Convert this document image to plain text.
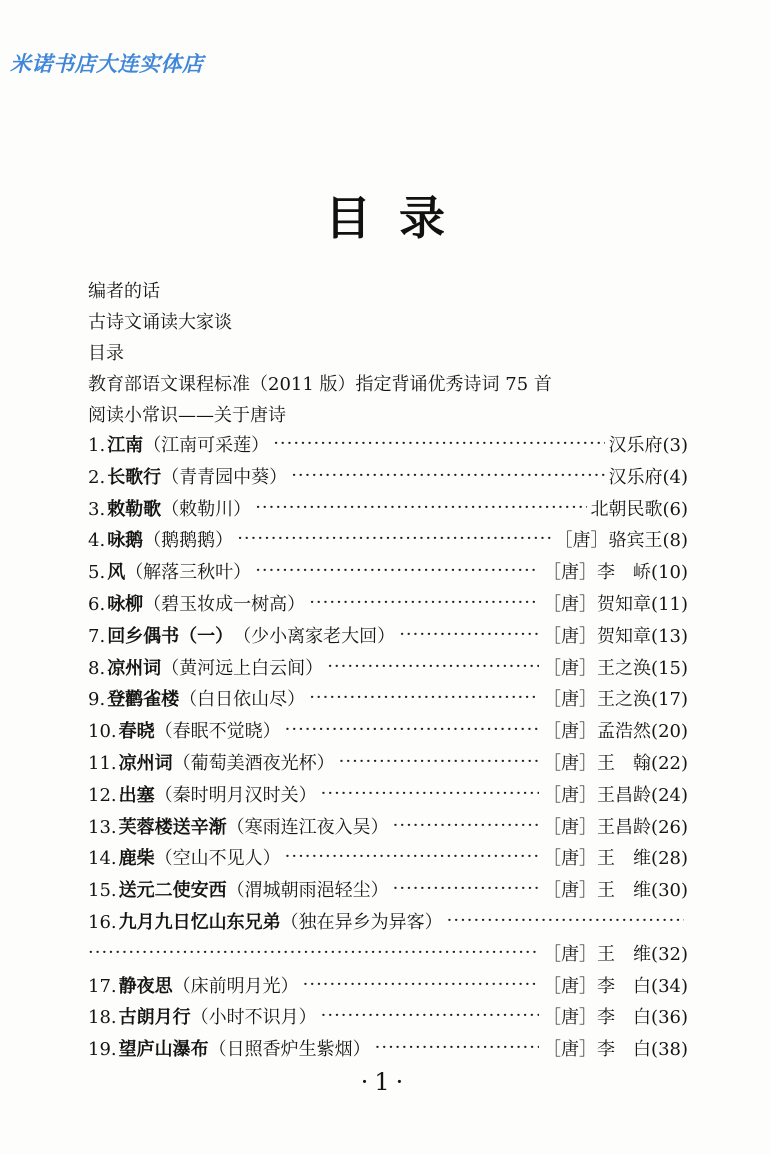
米诺书店大连实体店
目录
编者的话
古诗文诵读大家谈
目录
教育部语文课程标准（2011 版）指定背诵优秀诗词 75 首
阅读小常识——关于唐诗
1. 江南 （江南可采莲） ·····	汉乐府 (3)
2. 长歌行 （青青园中葵） ·····	汉乐府 (4)
3. 敕勒歌 （敕勒川） ·····	北朝民歌 (6)
4. 咏鹅 （鹅鹅鹅） ·····	［唐］骆宾王 (8)
5. 风 （解落三秋叶） ·····	［唐］李　峤 (10)
6. 咏柳 （碧玉妆成一树高） ·····	［唐］贺知章 (11)
7. 回乡偶书（一） （少小离家老大回） ·····	［唐］贺知章 (13)
8. 凉州词 （黄河远上白云间） ·····	［唐］王之涣 (15)
9. 登鹳雀楼 （白日依山尽） ·····	［唐］王之涣 (17)
10. 春晓 （春眠不觉晓） ·····	［唐］孟浩然 (20)
11. 凉州词 （葡萄美酒夜光杯） ·····	［唐］王　翰 (22)
12. 出塞 （秦时明月汉时关） ·····	［唐］王昌龄 (24)
13. 芙蓉楼送辛渐 （寒雨连江夜入吴） ·····	［唐］王昌龄 (26)
14. 鹿柴 （空山不见人） ·····	［唐］王　维 (28)
15. 送元二使安西 （渭城朝雨浥轻尘） ·····	［唐］王　维 (30)
16. 九月九日忆山东兄弟 （独在异乡为异客）
·····
·····
［唐］王　维 (32)
17. 静夜思 （床前明月光） ·····	［唐］李　白 (34)
18. 古朗月行 （小时不识月） ·····	［唐］李　白 (36)
19. 望庐山瀑布 （日照香炉生紫烟） ·····	［唐］李　白 (38)
·1·
